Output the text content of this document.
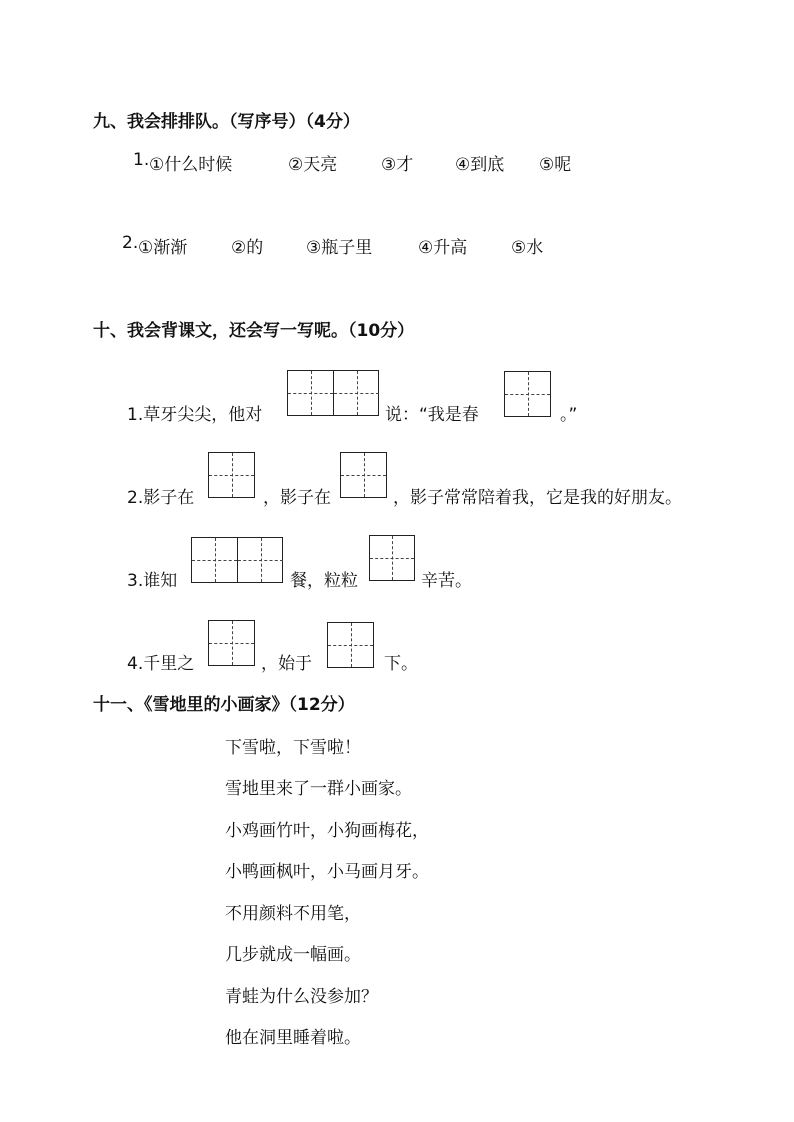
九、我会排排队。（写序号）（4分）
1. ①什么时候	②天亮	③才 ④到底 ⑤呢
2. ①渐渐	②的	③瓶子里	④升高	⑤水
十、我会背课文，还会写一写呢。（10分）
1.草牙尖尖，他对	说：“我是春	。”
2.影子在	，影子在	，影子常常陪着我，它是我的好朋友。
3.谁知	餐，粒粒	辛苦。
4.千里之	，始于	下。
十一、《雪地里的小画家》（12分）
下雪啦，下雪啦！
雪地里来了一群小画家。
小鸡画竹叶，小狗画梅花，
小鸭画枫叶，小马画月牙。
不用颜料不用笔，
几步就成一幅画。
青蛙为什么没参加？
他在洞里睡着啦。
